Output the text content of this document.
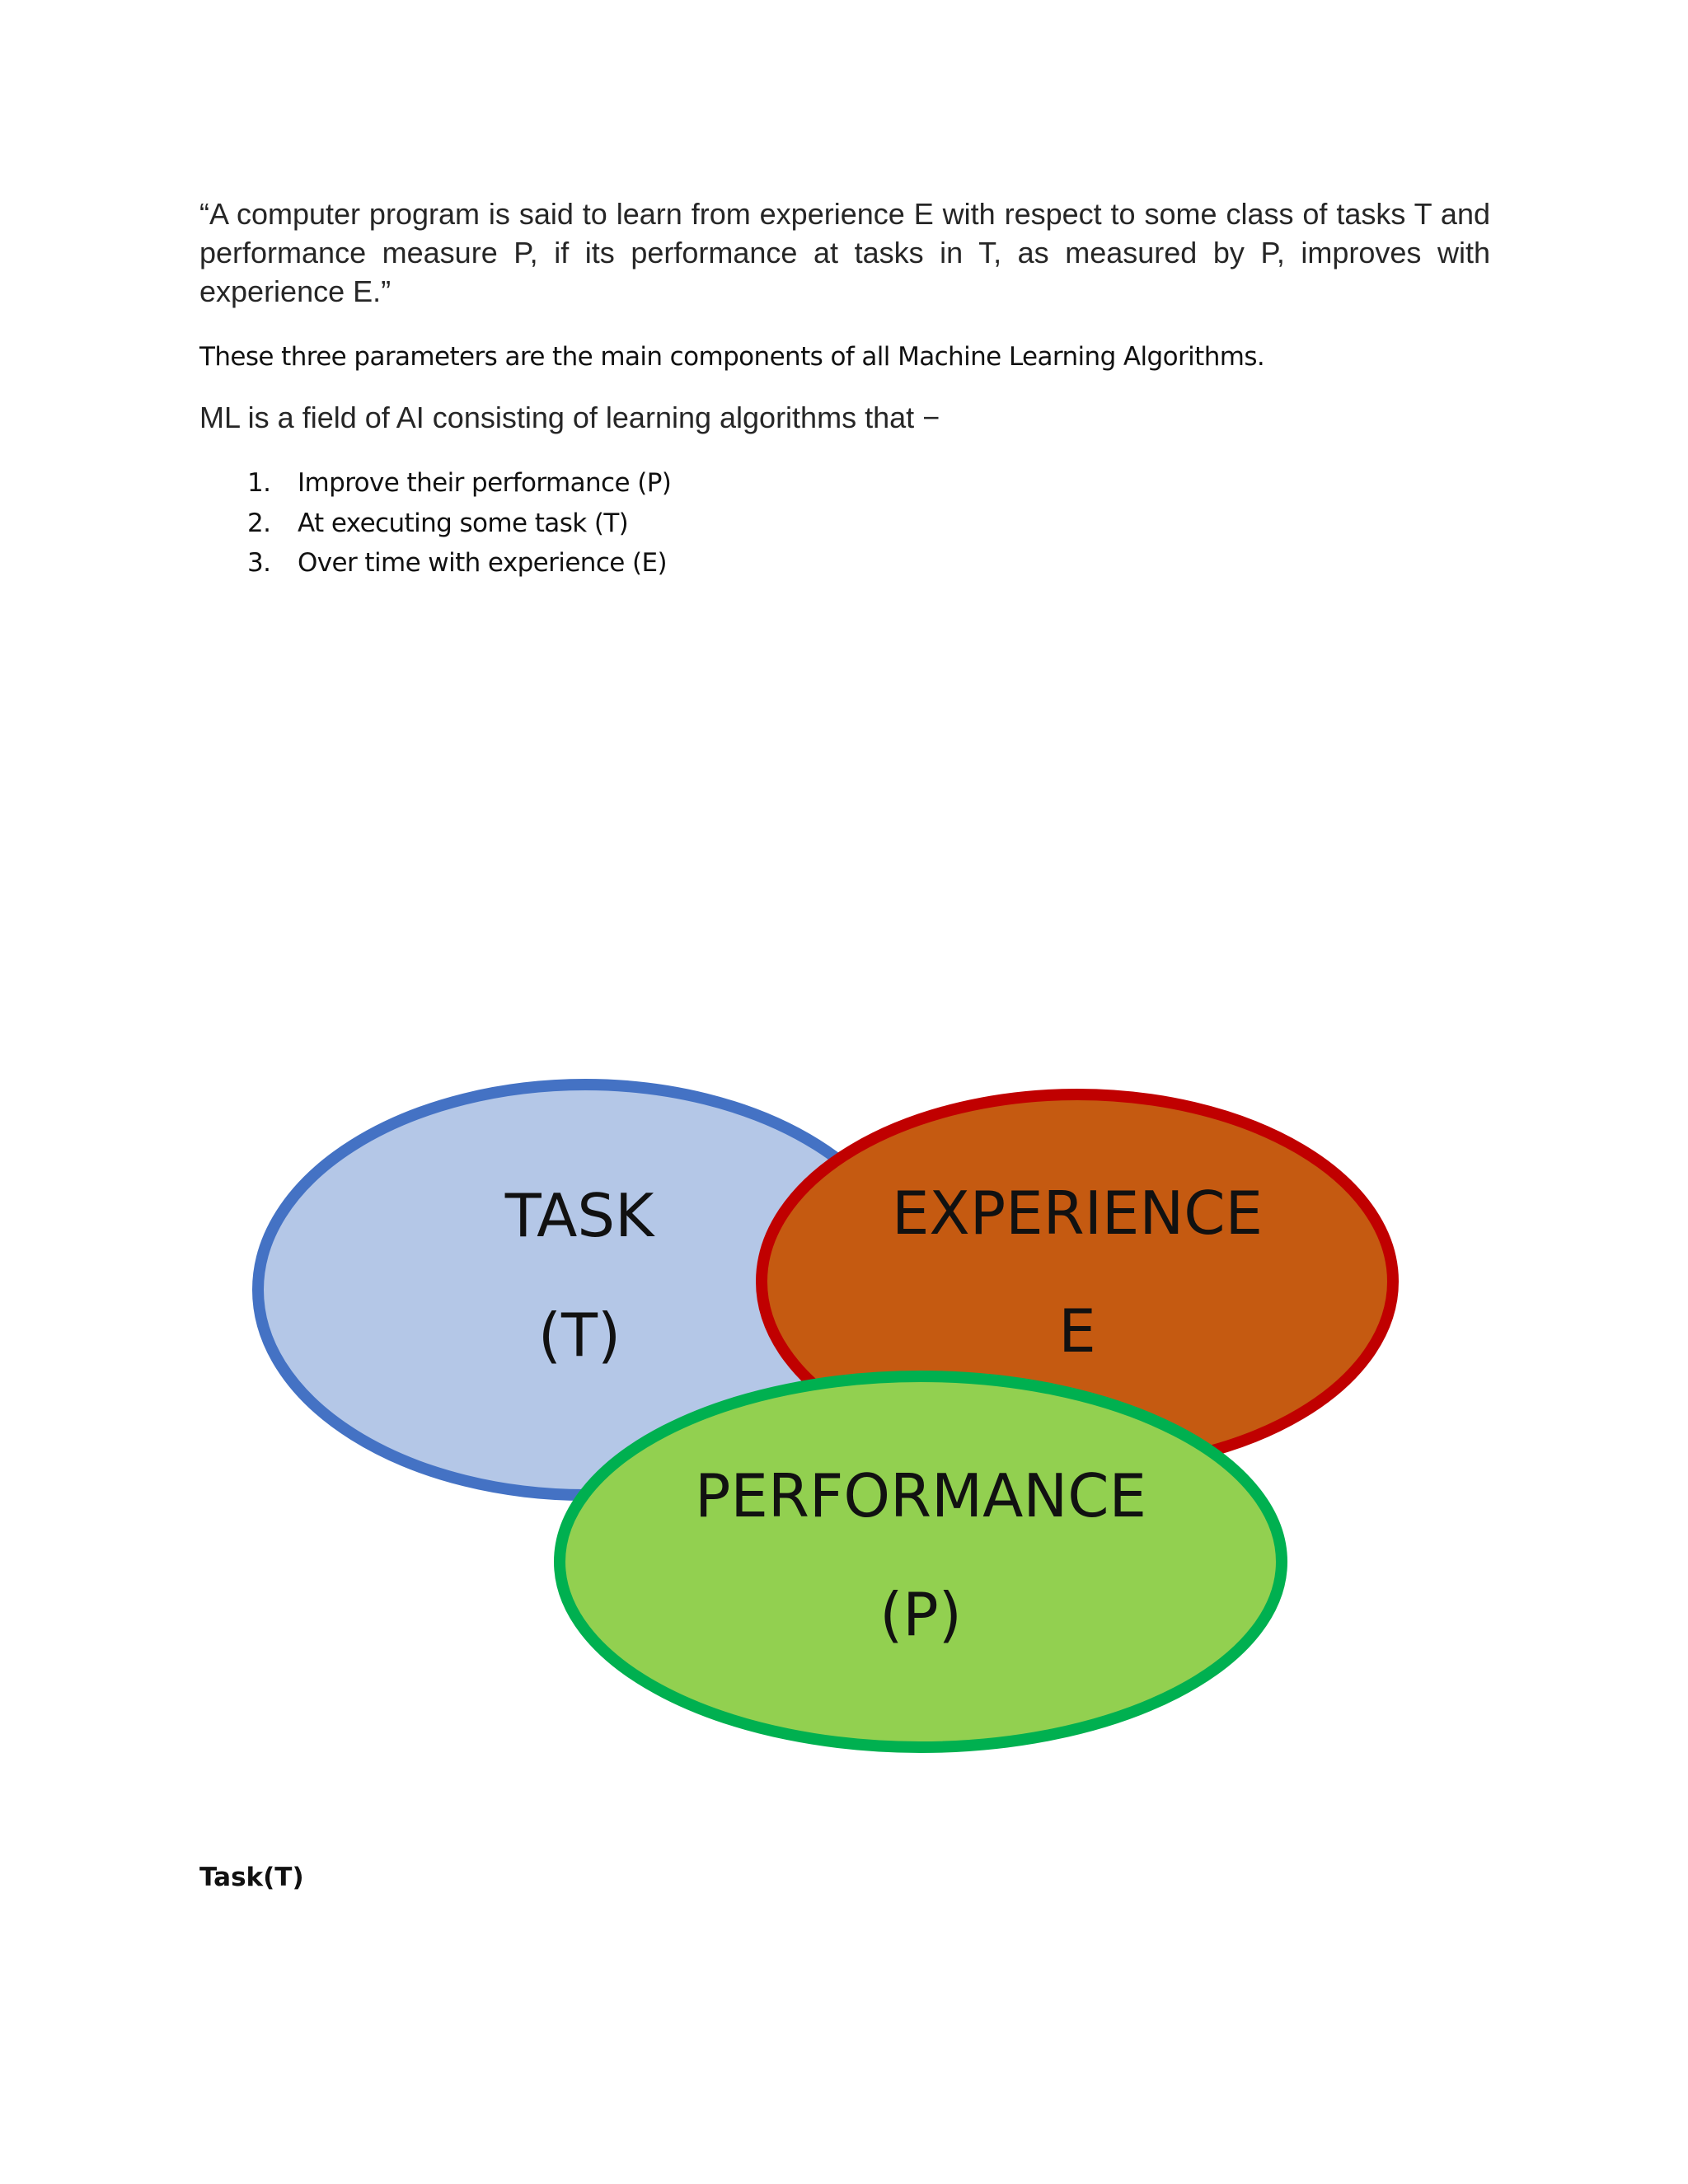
“A computer program is said to learn from experience E with respect to some class of tasks T and performance measure P, if its performance at tasks in T, as measured by P, improves with experience E.”

These three parameters are the main components of all Machine Learning Algorithms.

ML is a field of AI consisting of learning algorithms that −

1.	Improve their performance (P)
2.	At executing some task (T)
3.	Over time with experience (E)
TASK
(T)
EXPERIENCE
E
PERFORMANCE
(P)

Task(T)
